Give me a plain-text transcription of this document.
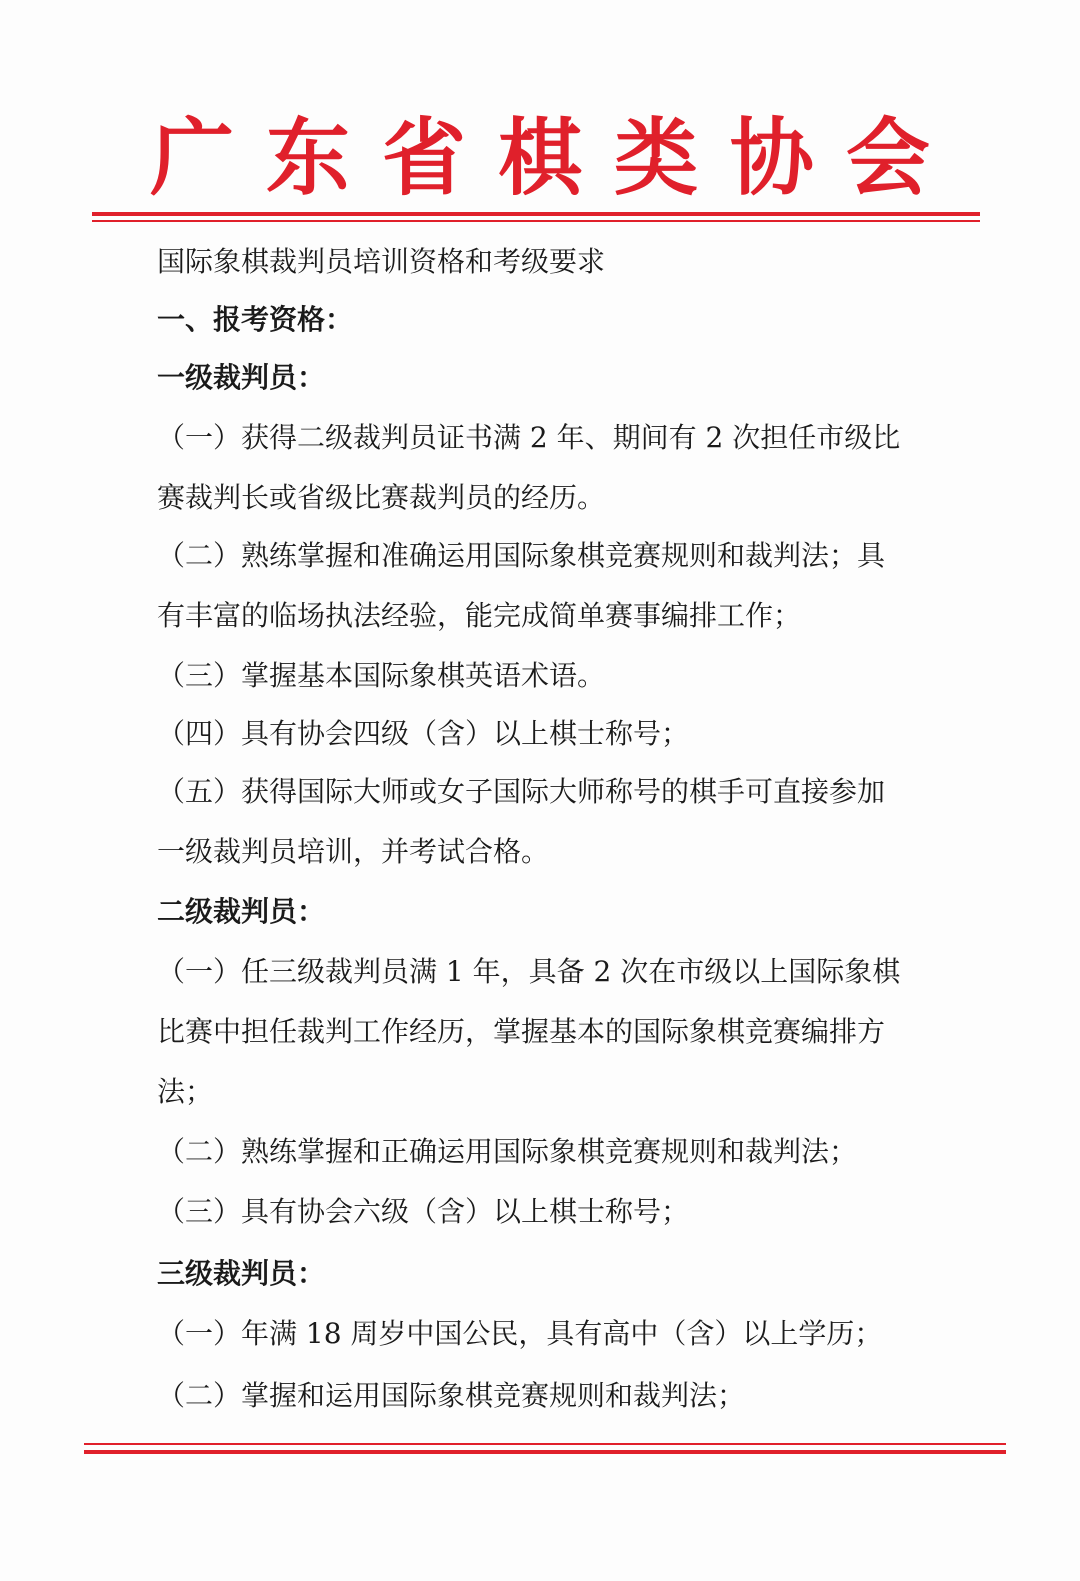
广 东 省 棋 类 协 会
国际象棋裁判员培训资格和考级要求
一、报考资格：
一级裁判员：
（一）获得二级裁判员证书满 2 年、期间有 2 次担任市级比
赛裁判长或省级比赛裁判员的经历。
（二）熟练掌握和准确运用国际象棋竞赛规则和裁判法；具
有丰富的临场执法经验，能完成简单赛事编排工作；
（三）掌握基本国际象棋英语术语。
（四）具有协会四级（含）以上棋士称号；
（五）获得国际大师或女子国际大师称号的棋手可直接参加
一级裁判员培训，并考试合格。
二级裁判员：
（一）任三级裁判员满 1 年，具备 2 次在市级以上国际象棋
比赛中担任裁判工作经历，掌握基本的国际象棋竞赛编排方
法；
（二）熟练掌握和正确运用国际象棋竞赛规则和裁判法；
（三）具有协会六级（含）以上棋士称号；
三级裁判员：
（一）年满 18 周岁中国公民，具有高中（含）以上学历；
（二）掌握和运用国际象棋竞赛规则和裁判法；
